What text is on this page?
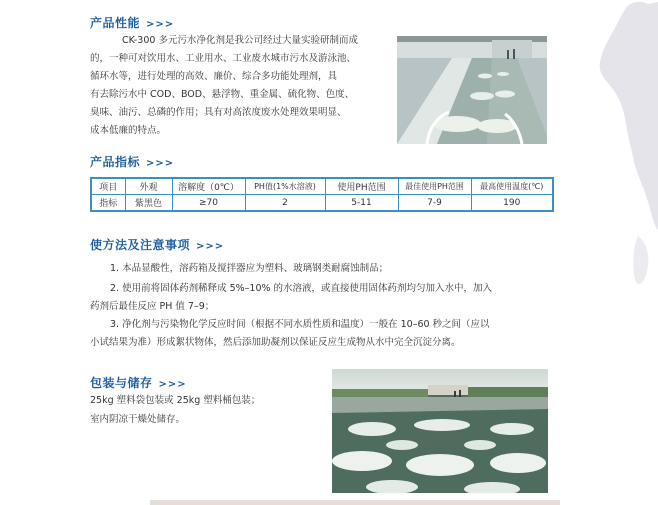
产品性能 >>>
CK-300 多元污水净化剂是我公司经过大量实验研制而成
的，一种可对饮用水、工业用水、工业废水城市污水及游泳池、
循环水等，进行处理的高效、廉价、综合多功能处理剂，具
有去除污水中 COD、BOD、悬浮物、重金属、硫化物、色度、
臭味、油污、总磷的作用；具有对高浓度废水处理效果明显、
成本低廉的特点。
产品指标 >>>
项目	外观	溶解度（0℃）	PH值(1%水溶液)	使用PH范围	最佳使用PH范围	最高使用温度(℃)
指标	紫黑色	≥70	2	5-11	7-9	190
使方法及注意事项 >>>
1. 本品显酸性，溶药箱及搅拌器应为塑料、玻璃钢类耐腐蚀制品；
2. 使用前将固体药剂稀释成 5%–10% 的水溶液，或直接使用固体药剂均匀加入水中，加入
药剂后最佳反应 PH 值 7–9；
3. 净化剂与污染物化学反应时间（根据不同水质性质和温度）一般在 10–60 秒之间（应以
小试结果为准）形成絮状物体，然后添加助凝剂以保证反应生成物从水中完全沉淀分离。
包装与储存 >>>
25kg 塑料袋包装或 25kg 塑料桶包装；
室内阴凉干燥处储存。
